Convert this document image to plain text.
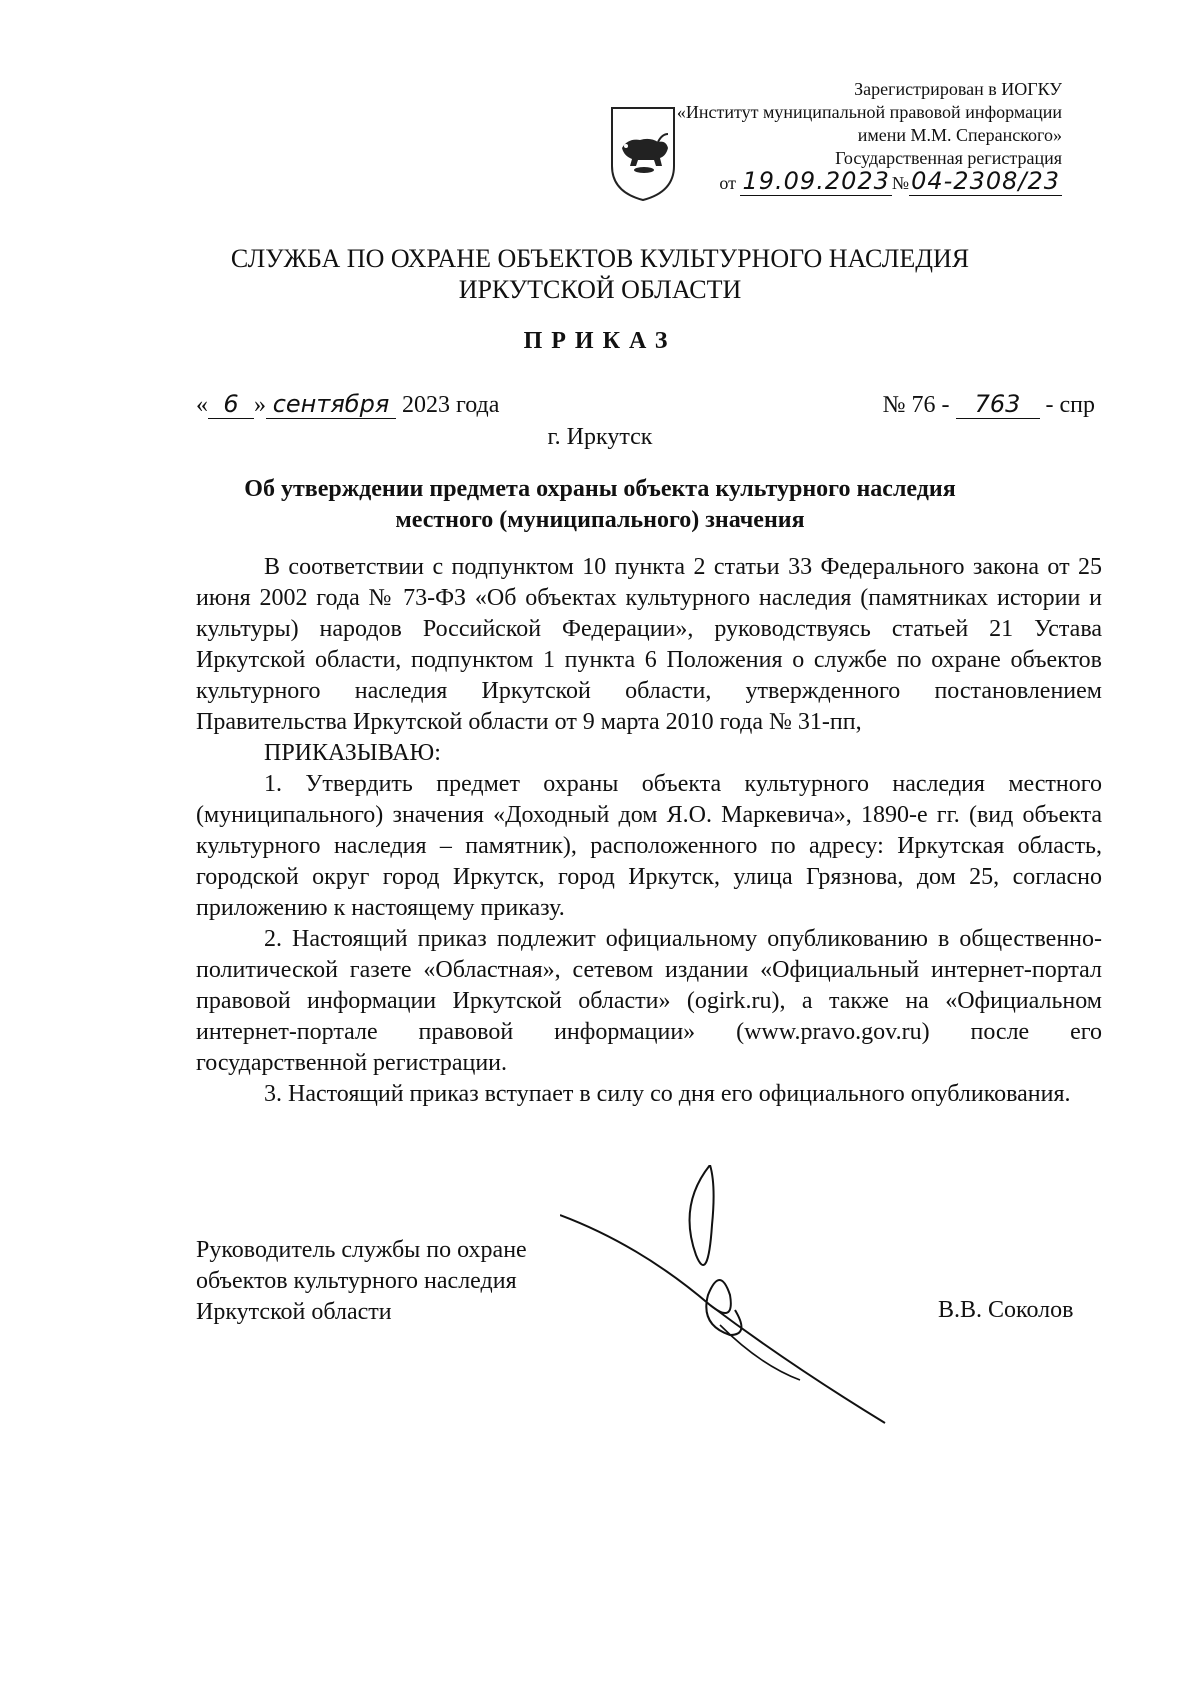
Зарегистрирован в ИОГКУ
«Институт муниципальной правовой информации
имени М.М. Сперанского»
Государственная регистрация
от 19.09.2023 №04-2308/23
СЛУЖБА ПО ОХРАНЕ ОБЪЕКТОВ КУЛЬТУРНОГО НАСЛЕДИЯ
ИРКУТСКОЙ ОБЛАСТИ
ПРИКАЗ
« 6 » сентября 2023 года	№ 76 - 763 - спр
г. Иркутск
Об утверждении предмета охраны объекта культурного наследия
местного (муниципального) значения

В соответствии с подпунктом 10 пункта 2 статьи 33 Федерального закона от 25 июня 2002 года № 73-ФЗ «Об объектах культурного наследия (памятниках истории и культуры) народов Российской Федерации», руководствуясь статьей 21 Устава Иркутской области, подпунктом 1 пункта 6 Положения о службе по охране объектов культурного наследия Иркутской области, утвержденного постановлением Правительства Иркутской области от 9 марта 2010 года № 31-пп,

ПРИКАЗЫВАЮ:

1. Утвердить предмет охраны объекта культурного наследия местного (муниципального) значения «Доходный дом Я.О. Маркевича», 1890-е гг. (вид объекта культурного наследия – памятник), расположенного по адресу: Иркутская область, городской округ город Иркутск, город Иркутск, улица Грязнова, дом 25, согласно приложению к настоящему приказу.

2. Настоящий приказ подлежит официальному опубликованию в общественно-политической газете «Областная», сетевом издании «Официальный интернет-портал правовой информации Иркутской области» (ogirk.ru), а также на «Официальном интернет-портале правовой информации» (www.pravo.gov.ru) после его государственной регистрации.

3. Настоящий приказ вступает в силу со дня его официального опубликования.

Руководитель службы по охране
объектов культурного наследия
Иркутской области	В.В. Соколов
